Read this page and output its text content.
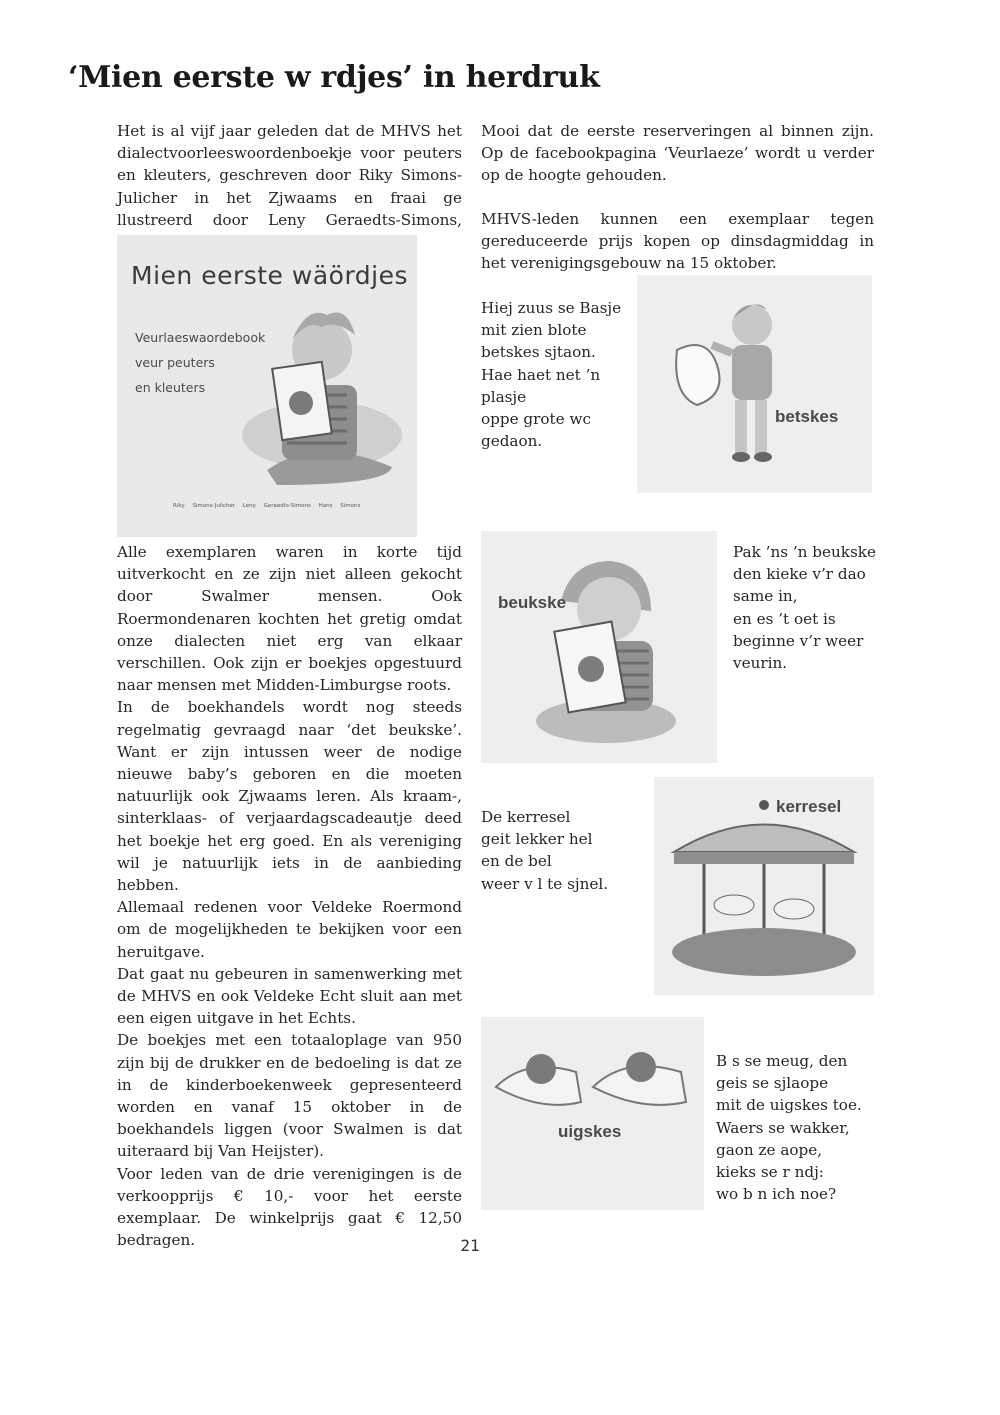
‘Mien eerste w rdjes’ in herdruk

Het is al vijf jaar geleden dat de MHVS het dialectvoorleeswoordenboekje voor peuters en kleuters, geschreven door Riky Simons-Julicher in het Zjwaams en fraai ge llustreerd door Leny Geraedts-Simons,

Mien eerste wäördjes
Veurlaeswaordebook
veur peuters
en kleuters
Riky Simons-Julicher Leny Geraedts-Simons Hans Simons

Alle exemplaren waren in korte tijd uitverkocht en ze zijn niet alleen gekocht door Swalmer mensen. Ook Roermondenaren kochten het gretig omdat onze dialecten niet erg van elkaar verschillen. Ook zijn er boekjes opgestuurd naar mensen met Midden-Limburgse roots.
In de boekhandels wordt nog steeds regelmatig gevraagd naar ‘det beukske’. Want er zijn intussen weer de nodige nieuwe baby’s geboren en die moeten natuurlijk ook Zjwaams leren. Als kraam-, sinterklaas- of verjaardagscadeautje deed het boekje het erg goed. En als vereniging wil je natuurlijk iets in de aanbieding hebben.
Allemaal redenen voor Veldeke Roermond om de mogelijkheden te bekijken voor een heruitgave.
Dat gaat nu gebeuren in samenwerking met de MHVS en ook Veldeke Echt sluit aan met een eigen uitgave in het Echts.
De boekjes met een totaaloplage van 950 zijn bij de drukker en de bedoeling is dat ze in de kinderboekenweek gepresenteerd worden en vanaf 15 oktober in de boekhandels liggen (voor Swalmen is dat uiteraard bij Van Heijster).
Voor leden van de drie verenigingen is de verkoopprijs € 10,- voor het eerste exemplaar. De winkelprijs gaat € 12,50 bedragen.

Mooi dat de eerste reserveringen al binnen zijn. Op de facebookpagina ‘Veurlaeze’ wordt u verder op de hoogte gehouden.

MHVS-leden kunnen een exemplaar tegen gereduceerde prijs kopen op dinsdagmiddag in het verenigingsgebouw na 15 oktober.

Hiej zuus se Basje
mit zien blote betskes sjtaon.
Hae haet net ’n plasje
oppe grote wc gedaon.

betskes
beukske

Pak ’ns ’n beukske
den kieke v’r dao
same in,
en es ’t oet is
beginne v’r weer
veurin.

De kerresel
geit lekker hel
en de bel
weer v l te sjnel.

kerresel
uigskes

B s se meug, den
geis se sjlaope
mit de uigskes toe.
Waers se wakker,
gaon ze aope,
kieks se r ndj:
wo b n ich noe?

21
